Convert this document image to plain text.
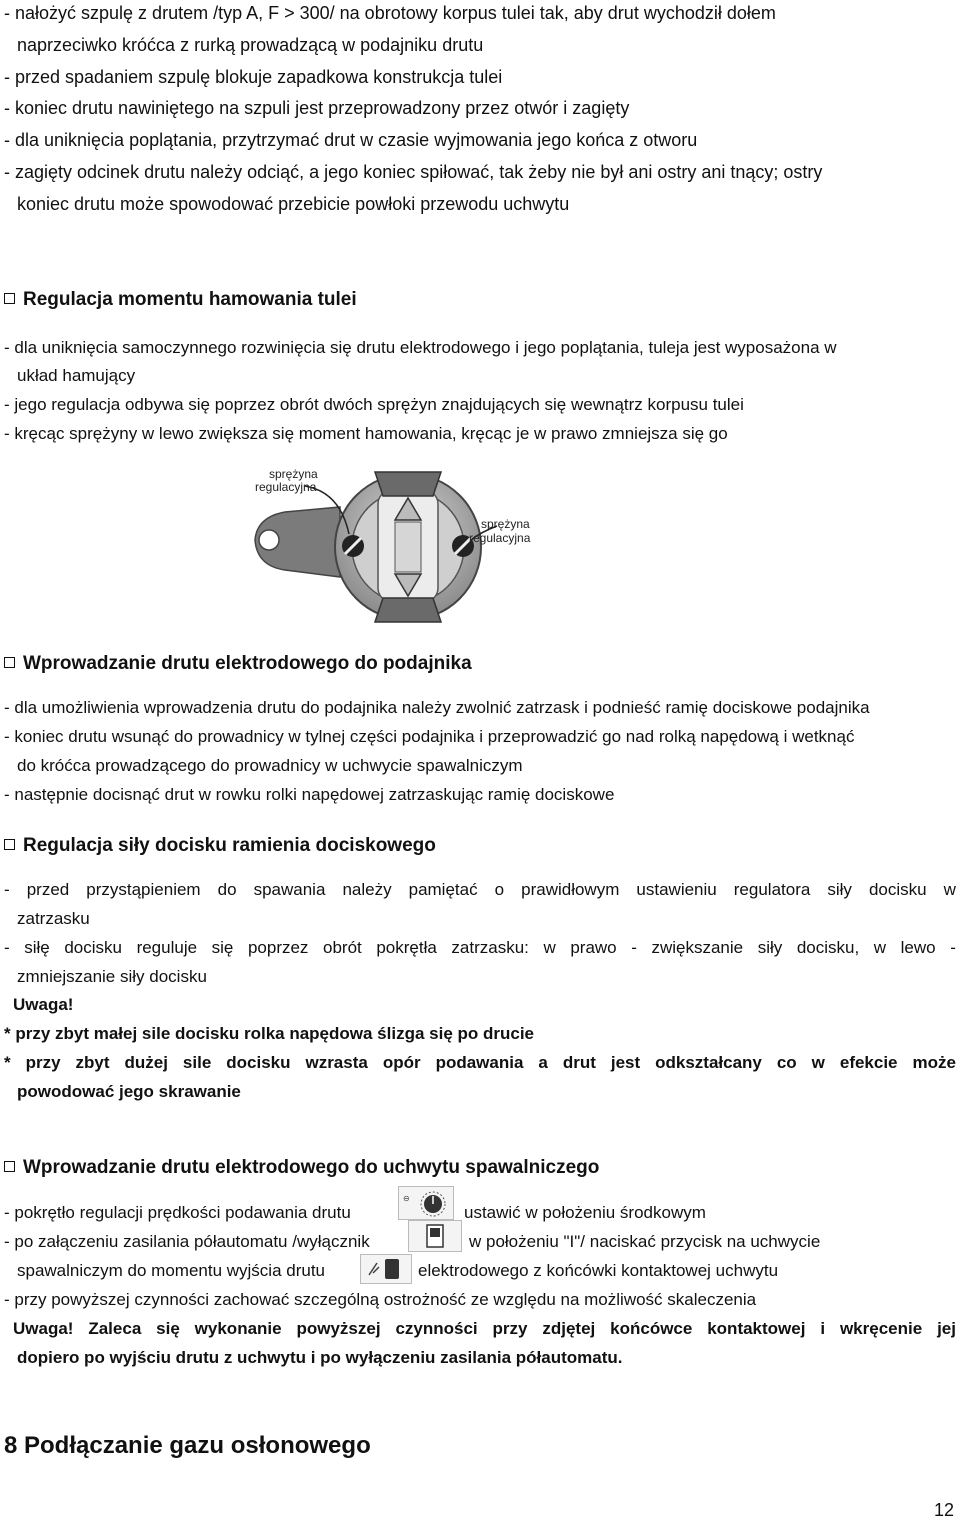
- nałożyć szpulę z drutem /typ A, F > 300/ na obrotowy korpus tulei tak, aby drut wychodził dołem
naprzeciwko króćca z rurką prowadzącą w podajniku drutu
- przed spadaniem szpulę blokuje zapadkowa konstrukcja tulei
- koniec drutu nawiniętego na szpuli jest przeprowadzony przez otwór i zagięty
- dla uniknięcia poplątania, przytrzymać drut w czasie wyjmowania jego końca z otworu
- zagięty odcinek drutu należy odciąć, a jego koniec spiłować, tak żeby nie był ani ostry ani tnący; ostry
koniec drutu może spowodować przebicie powłoki przewodu uchwytu
Regulacja momentu hamowania tulei
- dla uniknięcia samoczynnego rozwinięcia się drutu elektrodowego i jego poplątania, tuleja jest wyposażona w
układ hamujący
- jego regulacja odbywa się poprzez obrót dwóch sprężyn znajdujących się wewnątrz korpusu tulei
- kręcąc sprężyny w lewo zwiększa się moment hamowania, kręcąc je w prawo zmniejsza się go
sprężyna
regulacyjna
sprężyna
regulacyjna
Wprowadzanie drutu elektrodowego do podajnika
- dla umożliwienia wprowadzenia drutu do podajnika należy zwolnić zatrzask i podnieść ramię dociskowe podajnika
- koniec drutu wsunąć do prowadnicy w tylnej części podajnika i przeprowadzić go nad rolką napędową i wetknąć
do króćca prowadzącego do prowadnicy w uchwycie spawalniczym
- następnie docisnąć drut w rowku rolki napędowej zatrzaskując ramię dociskowe
Regulacja siły docisku ramienia dociskowego
- przed przystąpieniem do spawania należy pamiętać o prawidłowym ustawieniu regulatora siły docisku w
zatrzasku
- siłę docisku reguluje się poprzez obrót pokrętła zatrzasku: w prawo - zwiększanie siły docisku, w lewo -
zmniejszanie siły docisku
Uwaga!
* przy zbyt małej sile docisku rolka napędowa ślizga się po drucie
* przy zbyt dużej sile docisku wzrasta opór podawania a drut jest odkształcany co w efekcie może
powodować jego skrawanie
Wprowadzanie drutu elektrodowego do uchwytu spawalniczego
- pokrętło regulacji prędkości podawania drutu
⊖
ustawić w położeniu środkowym
- po załączeniu zasilania półautomatu /wyłącznik	w położeniu "I"/ naciskać przycisk na uchwycie
spawalniczym do momentu wyjścia drutu	elektrodowego z końcówki kontaktowej uchwytu
- przy powyższej czynności zachować szczególną ostrożność ze względu na możliwość skaleczenia
Uwaga! Zaleca się wykonanie powyższej czynności przy zdjętej końcówce kontaktowej i wkręcenie jej
dopiero po wyjściu drutu z uchwytu i po wyłączeniu zasilania półautomatu.
8 Podłączanie gazu osłonowego
12
